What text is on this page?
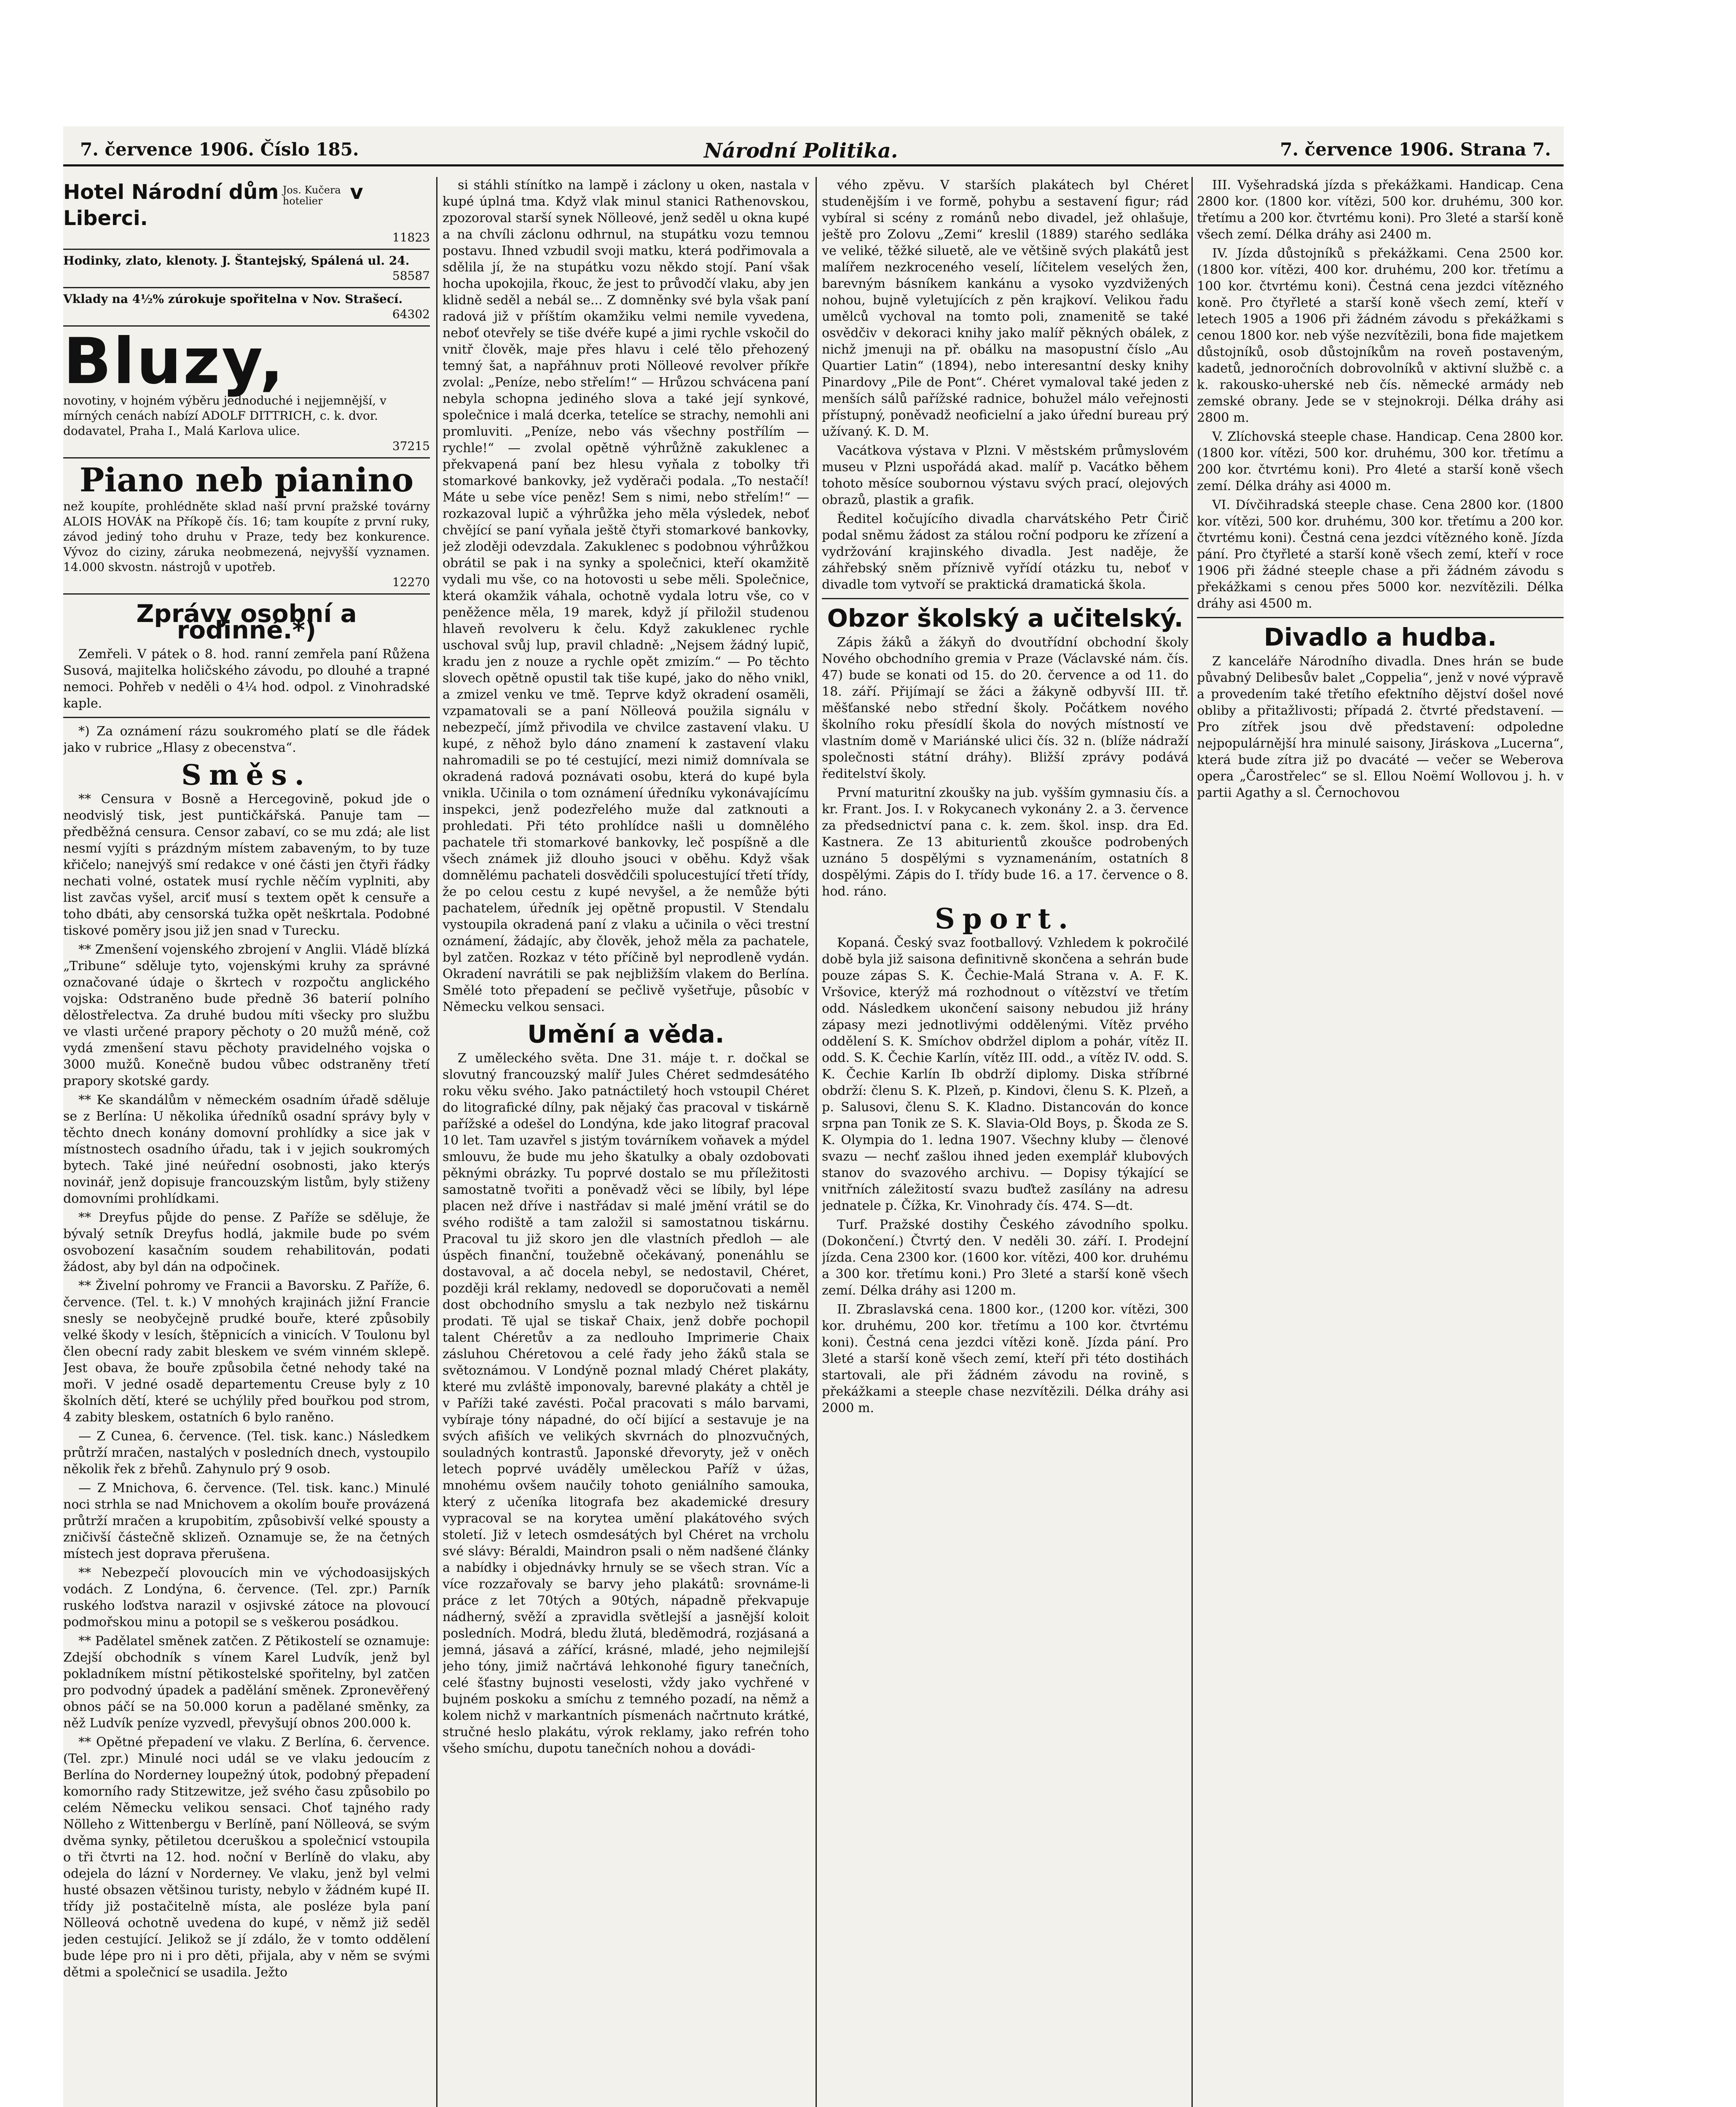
7. července 1906. Číslo 185.	Národní Politika.	7. července 1906. Strana 7.
Hotel Národní dům Jos. Kučera hotelier v Liberci.
11823
Hodinky, zlato, klenoty. J. Štantejský, Spálená ul. 24.
58587
Vklady na 4½% zúrokuje spořitelna v Nov. Strašecí.
64302
Bluzy,
novotiny, v hojném výběru jednoduché i nejjemnější, v mírných cenách nabízí ADOLF DITTRICH, c. k. dvor. dodavatel, Praha I., Malá Karlova ulice.
37215
Piano neb pianino
než koupíte, prohlédněte sklad naší první pražské továrny ALOIS HOVÁK na Příkopě čís. 16; tam koupíte z první ruky, závod jediný toho druhu v Praze, tedy bez konkurence. Vývoz do ciziny, záruka neobmezená, nejvyšší vyznamen. 14.000 skvostn. nástrojů v upotřeb.
12270
Zprávy osobní a rodinné.*)

Zemřeli. V pátek o 8. hod. ranní zemřela paní Růžena Susová, majitelka holičského závodu, po dlouhé a trapné nemoci. Pohřeb v neděli o 4¼ hod. odpol. z Vinohradské kaple.

*) Za oznámení rázu soukromého platí se dle řádek jako v rubrice „Hlasy z obecenstva“.

Směs.

** Censura v Bosně a Hercegovině, pokud jde o neodvislý tisk, jest puntičkářská. Panuje tam — předběžná censura. Censor zabaví, co se mu zdá; ale list nesmí vyjíti s prázdným místem zabaveným, to by tuze křičelo; nanejvýš smí redakce v oné části jen čtyři řádky nechati volné, ostatek musí rychle něčím vyplniti, aby list zavčas vyšel, arciť musí s textem opět k censuře a toho dbáti, aby censorská tužka opět neškrtala. Podobné tiskové poměry jsou již jen snad v Turecku.

** Zmenšení vojenského zbrojení v Anglii. Vládě blízká „Tribune“ sděluje tyto, vojenskými kruhy za správné označované údaje o škrtech v rozpočtu anglického vojska: Odstraněno bude předně 36 baterií polního dělostřelectva. Za druhé budou míti všecky pro službu ve vlasti určené prapory pěchoty o 20 mužů méně, což vydá zmenšení stavu pěchoty pravidelného vojska o 3000 mužů. Konečně budou vůbec odstraněny třetí prapory skotské gardy.

** Ke skandálům v německém osadním úřadě sděluje se z Berlína: U několika úředníků osadní správy byly v těchto dnech konány domovní prohlídky a sice jak v místnostech osadního úřadu, tak i v jejich soukromých bytech. Také jiné neúřední osobnosti, jako kterýs novinář, jenž dopisuje francouzským listům, byly stiženy domovními prohlídkami.

** Dreyfus půjde do pense. Z Paříže se sděluje, že bývalý setník Dreyfus hodlá, jakmile bude po svém osvobození kasačním soudem rehabilitován, podati žádost, aby byl dán na odpočinek.

** Živelní pohromy ve Francii a Bavorsku. Z Paříže, 6. července. (Tel. t. k.) V mnohých krajinách jižní Francie snesly se neobyčejně prudké bouře, které způsobily velké škody v lesích, štěpnicích a vinicích. V Toulonu byl člen obecní rady zabit bleskem ve svém vinném sklepě. Jest obava, že bouře způsobila četné nehody také na moři. V jedné osadě departementu Creuse byly z 10 školních dětí, které se uchýlily před bouřkou pod strom, 4 zabity bleskem, ostatních 6 bylo raněno.

— Z Cunea, 6. července. (Tel. tisk. kanc.) Následkem průtrží mračen, nastalých v posledních dnech, vystoupilo několik řek z břehů. Zahynulo prý 9 osob.

— Z Mnichova, 6. července. (Tel. tisk. kanc.) Minulé noci strhla se nad Mnichovem a okolím bouře provázená průtrží mračen a krupobitím, způsobivší velké spousty a zničivší částečně sklizeň. Oznamuje se, že na četných místech jest doprava přerušena.

** Nebezpečí plovoucích min ve východoasijských vodách. Z Londýna, 6. července. (Tel. zpr.) Parník ruského loďstva narazil v osjivské zátoce na plovoucí podmořskou minu a potopil se s veškerou posádkou.

** Padělatel směnek zatčen. Z Pětikostelí se oznamuje: Zdejší obchodník s vínem Karel Ludvík, jenž byl pokladníkem místní pětikostelské spořitelny, byl zatčen pro podvodný úpadek a padělání směnek. Zpronevěřený obnos páčí se na 50.000 korun a padělané směnky, za něž Ludvík peníze vyzvedl, převyšují obnos 200.000 k.

** Opětné přepadení ve vlaku. Z Berlína, 6. července. (Tel. zpr.) Minulé noci udál se ve vlaku jedoucím z Berlína do Norderney loupežný útok, podobný přepadení komorního rady Stitzewitze, jež svého času způsobilo po celém Německu velikou sensaci. Choť tajného rady Nölleho z Wittenbergu v Berlíně, paní Nölleová, se svým dvěma synky, pětiletou dceruškou a společnicí vstoupila o tři čtvrti na 12. hod. noční v Berlíně do vlaku, aby odejela do lázní v Norderney. Ve vlaku, jenž byl velmi husté obsazen většinou turisty, nebylo v žádném kupé II. třídy již postačitelně místa, ale posléze byla paní Nölleová ochotně uvedena do kupé, v němž již seděl jeden cestující. Jelikož se jí zdálo, že v tomto oddělení bude lépe pro ni i pro děti, přijala, aby v něm se svými dětmi a společnicí se usadila. Ježto

si stáhli stínítko na lampě i záclony u oken, nastala v kupé úplná tma. Když vlak minul stanici Rathenovskou, zpozoroval starší synek Nölleové, jenž seděl u okna kupé a na chvíli záclonu odhrnul, na stupátku vozu temnou postavu. Ihned vzbudil svoji matku, která podřimovala a sdělila jí, že na stupátku vozu někdo stojí. Paní však hocha upokojila, řkouc, že jest to průvodčí vlaku, aby jen klidně seděl a nebál se... Z domněnky své byla však paní radová již v příštím okamžiku velmi nemile vyvedena, neboť otevřely se tiše dvéře kupé a jimi rychle vskočil do vnitř člověk, maje přes hlavu i celé tělo přehozený temný šat, a napřáhnuv proti Nölleové revolver příkře zvolal: „Peníze, nebo střelím!“ — Hrůzou schvácena paní nebyla schopna jediného slova a také její synkové, společnice i malá dcerka, tetelíce se strachy, nemohli ani promluviti. „Peníze, nebo vás všechny postřílím — rychle!“ — zvolal opětně výhrůžně zakuklenec a překvapená paní bez hlesu vyňala z tobolky tři stomarkové bankovky, jež vyděrači podala. „To nestačí! Máte u sebe více peněz! Sem s nimi, nebo střelím!“ — rozkazoval lupič a výhrůžka jeho měla výsledek, neboť chvějící se paní vyňala ještě čtyři stomarkové bankovky, jež zloději odevzdala. Zakuklenec s podobnou výhrůžkou obrátil se pak i na synky a společnici, kteří okamžitě vydali mu vše, co na hotovosti u sebe měli. Společnice, která okamžik váhala, ochotně vydala lotru vše, co v peněžence měla, 19 marek, když jí přiložil studenou hlaveň revolveru k čelu. Když zakuklenec rychle uschoval svůj lup, pravil chladně: „Nejsem žádný lupič, kradu jen z nouze a rychle opět zmizím.“ — Po těchto slovech opětně opustil tak tiše kupé, jako do něho vnikl, a zmizel venku ve tmě. Teprve když okradení osaměli, vzpamatovali se a paní Nölleová použila signálu v nebezpečí, jímž přivodila ve chvilce zastavení vlaku. U kupé, z něhož bylo dáno znamení k zastavení vlaku nahromadili se po té cestující, mezi nimiž domnívala se okradená radová poznávati osobu, která do kupé byla vnikla. Učinila o tom oznámení úředníku vykonávajícímu inspekci, jenž podezřelého muže dal zatknouti a prohledati. Při této prohlídce našli u domnělého pachatele tři stomarkové bankovky, leč pospíšně a dle všech známek již dlouho jsouci v oběhu. Když však domnělému pachateli dosvědčili spolucestující třetí třídy, že po celou cestu z kupé nevyšel, a že nemůže býti pachatelem, úředník jej opětně propustil. V Stendalu vystoupila okradená paní z vlaku a učinila o věci trestní oznámení, žádajíc, aby člověk, jehož měla za pachatele, byl zatčen. Rozkaz v této příčině byl neprodleně vydán. Okradení navrátili se pak nejbližším vlakem do Berlína. Smělé toto přepadení se pečlivě vyšetřuje, působíc v Německu velkou sensaci.

Umění a věda.

Z uměleckého světa. Dne 31. máje t. r. dočkal se slovutný francouzský malíř Jules Chéret sedmdesátého roku věku svého. Jako patnáctiletý hoch vstoupil Chéret do litografické dílny, pak nějaký čas pracoval v tiskárně pařížské a odešel do Londýna, kde jako litograf pracoval 10 let. Tam uzavřel s jistým továrníkem voňavek a mýdel smlouvu, že bude mu jeho škatulky a obaly ozdobovati pěknými obrázky. Tu poprvé dostalo se mu příležitosti samostatně tvořiti a poněvadž věci se líbily, byl lépe placen než dříve i nastřádav si malé jmění vrátil se do svého rodiště a tam založil si samostatnou tiskárnu. Pracoval tu již skoro jen dle vlastních předloh — ale úspěch finanční, toužebně očekávaný, ponenáhlu se dostavoval, a ač docela nebyl, se nedostavil, Chéret, později král reklamy, nedovedl se doporučovati a neměl dost obchodního smyslu a tak nezbylo než tiskárnu prodati. Tě ujal se tiskař Chaix, jenž dobře pochopil talent Chéretův a za nedlouho Imprimerie Chaix zásluhou Chéretovou a celé řady jeho žáků stala se světoznámou. V Londýně poznal mladý Chéret plakáty, které mu zvláště imponovaly, barevné plakáty a chtěl je v Paříži také zavésti. Počal pracovati s málo barvami, vybíraje tóny nápadné, do očí bijící a sestavuje je na svých afiších ve velikých skvrnách do plnozvučných, souladných kontrastů. Japonské dřevoryty, jež v oněch letech poprvé uváděly uměleckou Paříž v úžas, mnohému ovšem naučily tohoto geniálního samouka, který z učeníka litografa bez akademické dresury vypracoval se na korytea umění plakátového svých století. Již v letech osmdesátých byl Chéret na vrcholu své slávy: Béraldi, Maindron psali o něm nadšené články a nabídky i objednávky hrnuly se se všech stran. Víc a více rozzařovaly se barvy jeho plakátů: srovnáme-li práce z let 70tých a 90tých, nápadně překvapuje nádherný, svěží a zpravidla světlejší a jasnější koloit posledních. Modrá, bledu žlutá, bleděmodrá, rozjásaná a jemná, jásavá a zářící, krásné, mladé, jeho nejmilejší jeho tóny, jimiž načrtává lehkonohé figury tanečních, celé šťastny bujnosti veselosti, vždy jako vychřené v bujném poskoku a smíchu z temného pozadí, na němž a kolem nichž v markantních písmenách načrtnuto krátké, stručné heslo plakátu, výrok reklamy, jako refrén toho všeho smíchu, dupotu tanečních nohou a dovádi-

vého zpěvu. V starších plakátech byl Chéret studenějším i ve formě, pohybu a sestavení figur; rád vybíral si scény z románů nebo divadel, jež ohlašuje, ještě pro Zolovu „Zemi“ kreslil (1889) starého sedláka ve veliké, těžké siluetě, ale ve většině svých plakátů jest malířem nezkroceného veselí, líčitelem veselých žen, barevným básníkem kankánu a vysoko vyzdvižených nohou, bujně vyletujících z pěn krajkoví. Velikou řadu umělců vychoval na tomto poli, znamenitě se také osvědčiv v dekoraci knihy jako malíř pěkných obálek, z nichž jmenuji na př. obálku na masopustní číslo „Au Quartier Latin“ (1894), nebo interesantní desky knihy Pinardovy „Pile de Pont“. Chéret vymaloval také jeden z menších sálů pařížské radnice, bohužel málo veřejnosti přístupný, poněvadž neoficielní a jako úřední bureau prý užívaný. K. D. M.

Vacátkova výstava v Plzni. V městském průmyslovém museu v Plzni uspořádá akad. malíř p. Vacátko během tohoto měsíce soubornou výstavu svých prací, olejových obrazů, plastik a grafik.

Ředitel kočujícího divadla charvátského Petr Čirič podal sněmu žádost za stálou roční podporu ke zřízení a vydržování krajinského divadla. Jest naděje, že záhřebský sněm příznivě vyřídí otázku tu, neboť v divadle tom vytvoří se praktická dramatická škola.

Obzor školský a učitelský.

Zápis žáků a žákyň do dvoutřídní obchodní školy Nového obchodního gremia v Praze (Václavské nám. čís. 47) bude se konati od 15. do 20. července a od 11. do 18. září. Přijímají se žáci a žákyně odbyvší III. tř. měšťanské nebo střední školy. Počátkem nového školního roku přesídlí škola do nových místností ve vlastním domě v Mariánské ulici čís. 32 n. (blíže nádraží společnosti státní dráhy). Bližší zprávy podává ředitelství školy.

První maturitní zkoušky na jub. vyšším gymnasiu čís. a kr. Frant. Jos. I. v Rokycanech vykonány 2. a 3. července za předsednictví pana c. k. zem. škol. insp. dra Ed. Kastnera. Ze 13 abiturientů zkoušce podrobených uznáno 5 dospělými s vyznamenáním, ostatních 8 dospělými. Zápis do I. třídy bude 16. a 17. července o 8. hod. ráno.

Sport.

Kopaná. Český svaz footballový. Vzhledem k pokročilé době byla již saisona definitivně skončena a sehrán bude pouze zápas S. K. Čechie-Malá Strana v. A. F. K. Vršovice, kterýž má rozhodnout o vítězství ve třetím odd. Následkem ukončení saisony nebudou již hrány zápasy mezi jednotlivými oddělenými. Vítěz prvého oddělení S. K. Smíchov obdržel diplom a pohár, vítěz II. odd. S. K. Čechie Karlín, vítěz III. odd., a vítěz IV. odd. S. K. Čechie Karlín Ib obdrží diplomy. Diska stříbrné obdrží: členu S. K. Plzeň, p. Kindovi, členu S. K. Plzeň, a p. Salusovi, členu S. K. Kladno. Distancován do konce srpna pan Tonik ze S. K. Slavia-Old Boys, p. Škoda ze S. K. Olympia do 1. ledna 1907. Všechny kluby — členové svazu — nechť zašlou ihned jeden exemplář klubových stanov do svazového archivu. — Dopisy týkající se vnitřních záležitostí svazu buďtež zasílány na adresu jednatele p. Čížka, Kr. Vinohrady čís. 474. S—dt.

Turf. Pražské dostihy Českého závodního spolku. (Dokončení.) Čtvrtý den. V neděli 30. září. I. Prodejní jízda. Cena 2300 kor. (1600 kor. vítězi, 400 kor. druhému a 300 kor. třetímu koni.) Pro 3leté a starší koně všech zemí. Délka dráhy asi 1200 m.

II. Zbraslavská cena. 1800 kor., (1200 kor. vítězi, 300 kor. druhému, 200 kor. třetímu a 100 kor. čtvrtému koni). Čestná cena jezdci vítězi koně. Jízda pání. Pro 3leté a starší koně všech zemí, kteří při této dostihách startovali, ale při žádném závodu na rovině, s překážkami a steeple chase nezvítězili. Délka dráhy asi 2000 m.

III. Vyšehradská jízda s překážkami. Handicap. Cena 2800 kor. (1800 kor. vítězi, 500 kor. druhému, 300 kor. třetímu a 200 kor. čtvrtému koni). Pro 3leté a starší koně všech zemí. Délka dráhy asi 2400 m.

IV. Jízda důstojníků s překážkami. Cena 2500 kor. (1800 kor. vítězi, 400 kor. druhému, 200 kor. třetímu a 100 kor. čtvrtému koni). Čestná cena jezdci vítězného koně. Pro čtyřleté a starší koně všech zemí, kteří v letech 1905 a 1906 při žádném závodu s překážkami s cenou 1800 kor. neb výše nezvítězili, bona fide majetkem důstojníků, osob důstojníkům na roveň postaveným, kadetů, jednoročních dobrovolníků v aktivní službě c. a k. rakousko-uherské neb čís. německé armády neb zemské obrany. Jede se v stejnokroji. Délka dráhy asi 2800 m.

V. Zlíchovská steeple chase. Handicap. Cena 2800 kor. (1800 kor. vítězi, 500 kor. druhému, 300 kor. třetímu a 200 kor. čtvrtému koni). Pro 4leté a starší koně všech zemí. Délka dráhy asi 4000 m.

VI. Dívčihradská steeple chase. Cena 2800 kor. (1800 kor. vítězi, 500 kor. druhému, 300 kor. třetímu a 200 kor. čtvrtému koni). Čestná cena jezdci vítězného koně. Jízda pání. Pro čtyřleté a starší koně všech zemí, kteří v roce 1906 při žádné steeple chase a při žádném závodu s překážkami s cenou přes 5000 kor. nezvítězili. Délka dráhy asi 4500 m.

Divadlo a hudba.

Z kanceláře Národního divadla. Dnes hrán se bude půvabný Delibesův balet „Coppelia“, jenž v nové výpravě a provedením také třetího efektního dějství došel nové obliby a přitažlivosti; případá 2. čtvrté představení. — Pro zítřek jsou dvě představení: odpoledne nejpopulárnější hra minulé saisony, Jiráskova „Lucerna“, která bude zítra již po dvacáté — večer se Weberova opera „Čarostřelec“ se sl. Ellou Noëmí Wollovou j. h. v partii Agathy a sl. Černochovou
